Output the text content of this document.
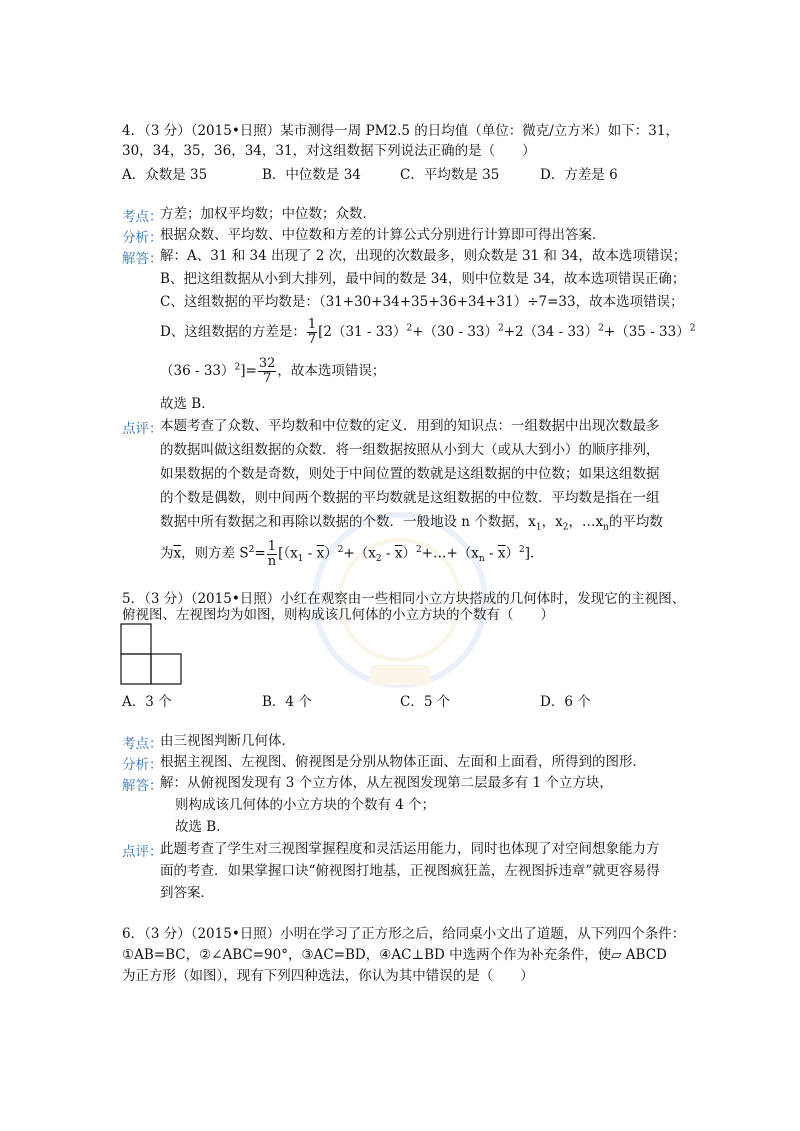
4．（3 分）（2015•日照）某市测得一周 PM2.5 的日均值（单位：微克/立方米）如下：31，
30，34，35，36，34，31，对这组数据下列说法正确的是（　　）
A．众数是 35	B．中位数是 34	C．平均数是 35	D．方差是 6
考点：
方差；加权平均数；中位数；众数．
分析：
根据众数、平均数、中位数和方差的计算公式分别进行计算即可得出答案．
解答：
解：A、31 和 34 出现了 2 次，出现的次数最多，则众数是 31 和 34，故本选项错误；
B、把这组数据从小到大排列，最中间的数是 34，则中位数是 34，故本选项错误正确；
C、这组数据的平均数是：（31+30+34+35+36+34+31）÷7=33，故本选项错误；
D、这组数据的方差是： $\frac{1}{7} [2(31 - 33)^2+(30 - 33)^2+2(34 - 33)^2+(35 - 33)^2$
$(36 - 33)^2]= \frac{32}{7}$ ，故本选项错误；
故选 B．
点评：
本题考查了众数、平均数和中位数的定义．用到的知识点：一组数据中出现次数最多
的数据叫做这组数据的众数．将一组数据按照从小到大（或从大到小）的顺序排列，
如果数据的个数是奇数，则处于中间位置的数就是这组数据的中位数；如果这组数据
的个数是偶数，则中间两个数据的平均数就是这组数据的中位数．平均数是指在一组
数据中所有数据之和再除以数据的个数．一般地设 n 个数据，$x_1$，$x_2$，$\dots x_n$的平均数
为$\overline{x}$，则方差 $S^2= \frac{1}{n} [(x_1 - \overline{x})^2+(x_2$ - $\overline{x})^2+\dots+(x_n - \overline{x})^2$]．
5．（3 分）（2015•日照）小红在观察由一些相同小立方块搭成的几何体时，发现它的主视图、
俯视图、左视图均为如图，则构成该几何体的小立方块的个数有（　　）
A．3 个	B．4 个	C．5 个	D．6 个
考点：
由三视图判断几何体．
分析：
根据主视图、左视图、俯视图是分别从物体正面、左面和上面看，所得到的图形．
解答：
解：从俯视图发现有 3 个立方体，从左视图发现第二层最多有 1 个立方块，
则构成该几何体的小立方块的个数有 4 个；
故选 B．
点评：
此题考查了学生对三视图掌握程度和灵活运用能力，同时也体现了对空间想象能力方
面的考查．如果掌握口诀“俯视图打地基，正视图疯狂盖，左视图拆违章”就更容易得
到答案．
6．（3 分）（2015•日照）小明在学习了正方形之后，给同桌小文出了道题，从下列四个条件：
①AB=BC，②∠ABC=90°，③AC=BD，④AC⊥BD 中选两个作为补充条件，使▱ ABCD
为正方形（如图），现有下列四种选法，你认为其中错误的是（　　）
